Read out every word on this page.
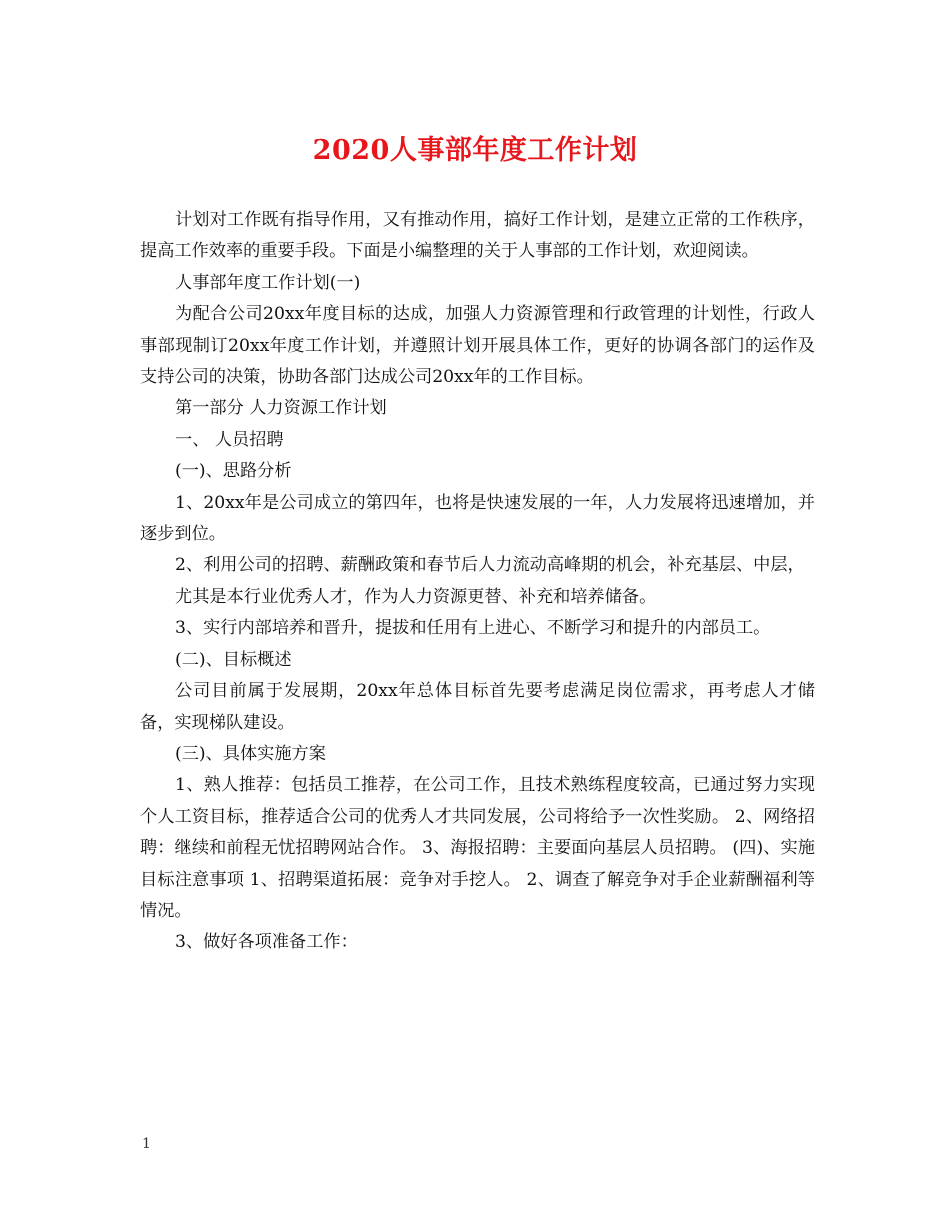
2020人事部年度工作计划

计划对工作既有指导作用，又有推动作用，搞好工作计划，是建立正常的工作秩序，提高工作效率的重要手段。下面是小编整理的关于人事部的工作计划，欢迎阅读。

人事部年度工作计划(一)

为配合公司20xx年度目标的达成，加强人力资源管理和行政管理的计划性，行政人事部现制订20xx年度工作计划，并遵照计划开展具体工作，更好的协调各部门的运作及支持公司的决策，协助各部门达成公司20xx年的工作目标。

第一部分 人力资源工作计划

一、 人员招聘

(一)、思路分析

1、20xx年是公司成立的第四年，也将是快速发展的一年，人力发展将迅速增加，并逐步到位。

2、利用公司的招聘、薪酬政策和春节后人力流动高峰期的机会，补充基层、中层，

尤其是本行业优秀人才，作为人力资源更替、补充和培养储备。

3、实行内部培养和晋升，提拔和任用有上进心、不断学习和提升的内部员工。

(二)、目标概述

公司目前属于发展期，20xx年总体目标首先要考虑满足岗位需求，再考虑人才储备，实现梯队建设。

(三)、具体实施方案

1、熟人推荐：包括员工推荐，在公司工作，且技术熟练程度较高，已通过努力实现个人工资目标，推荐适合公司的优秀人才共同发展，公司将给予一次性奖励。 2、网络招聘：继续和前程无忧招聘网站合作。 3、海报招聘：主要面向基层人员招聘。 (四)、实施目标注意事项 1、招聘渠道拓展：竞争对手挖人。 2、调查了解竞争对手企业薪酬福利等情况。

3、做好各项准备工作：

1
